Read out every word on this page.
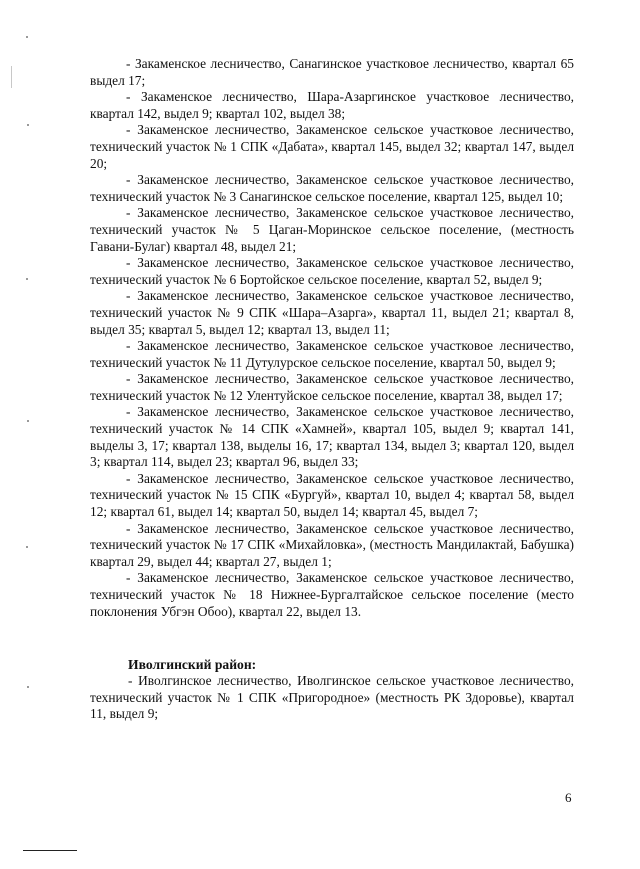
- Закаменское лесничество, Санагинское участковое лесничество, квартал 65 выдел 17;

- Закаменское лесничество, Шара-Азаргинское участковое лесничество, квартал 142, выдел 9; квартал 102, выдел 38;

- Закаменское лесничество, Закаменское сельское участковое лесничество, технический участок № 1 СПК «Дабата», квартал 145, выдел 32; квартал 147, выдел 20;

- Закаменское лесничество, Закаменское сельское участковое лесничество, технический участок № 3 Санагинское сельское поселение, квартал 125, выдел 10;

- Закаменское лесничество, Закаменское сельское участковое лесничество, технический участок № 5 Цаган-Моринское сельское поселение, (местность Гавани-Булаг) квартал 48, выдел 21;

- Закаменское лесничество, Закаменское сельское участковое лесничество, технический участок № 6 Бортойское сельское поселение, квартал 52, выдел 9;

- Закаменское лесничество, Закаменское сельское участковое лесничество, технический участок № 9 СПК «Шара–Азарга», квартал 11, выдел 21; квартал 8, выдел 35; квартал 5, выдел 12; квартал 13, выдел 11;

- Закаменское лесничество, Закаменское сельское участковое лесничество, технический участок № 11 Дутулурское сельское поселение, квартал 50, выдел 9;

- Закаменское лесничество, Закаменское сельское участковое лесничество, технический участок № 12 Улентуйское сельское поселение, квартал 38, выдел 17;

- Закаменское лесничество, Закаменское сельское участковое лесничество, технический участок № 14 СПК «Хамней», квартал 105, выдел 9; квартал 141, выделы 3, 17; квартал 138, выделы 16, 17; квартал 134, выдел 3; квартал 120, выдел 3; квартал 114, выдел 23; квартал 96, выдел 33;

- Закаменское лесничество, Закаменское сельское участковое лесничество, технический участок № 15 СПК «Бургуй», квартал 10, выдел 4; квартал 58, выдел 12; квартал 61, выдел 14; квартал 50, выдел 14; квартал 45, выдел 7;

- Закаменское лесничество, Закаменское сельское участковое лесничество, технический участок № 17 СПК «Михайловка», (местность Мандилактай, Бабушка) квартал 29, выдел 44; квартал 27, выдел 1;

- Закаменское лесничество, Закаменское сельское участковое лесничество, технический участок № 18 Нижнее-Бургалтайское сельское поселение (место поклонения Убгэн Обоо), квартал 22, выдел 13.

Иволгинский район:

- Иволгинское лесничество, Иволгинское сельское участковое лесничество, технический участок № 1 СПК «Пригородное» (местность РК Здоровье), квартал 11, выдел 9;

6
